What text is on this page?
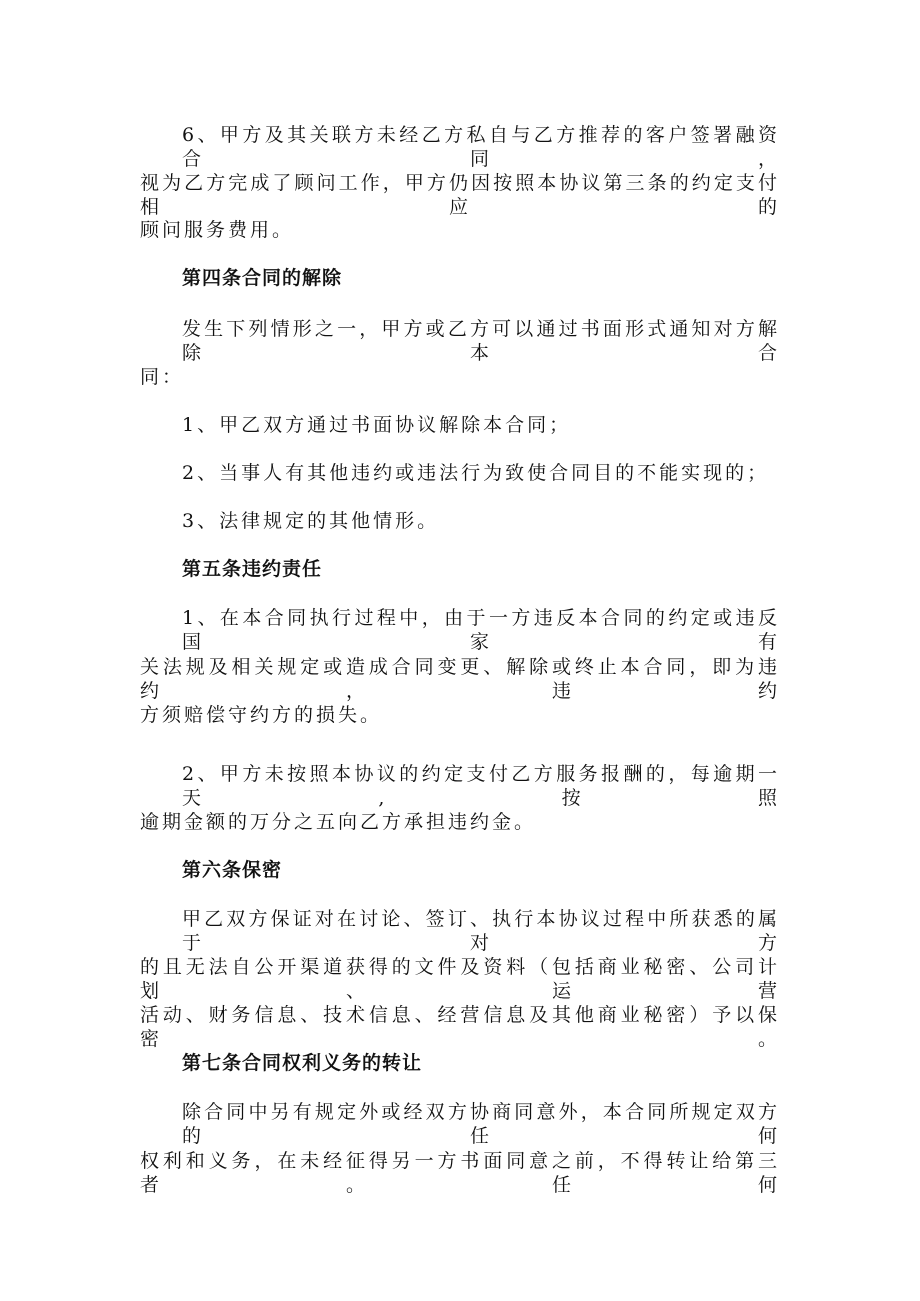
6、甲方及其关联方未经乙方私自与乙方推荐的客户签署融资合同，
视为乙方完成了顾问工作，甲方仍因按照本协议第三条的约定支付相应的
顾问服务费用。
第四条合同的解除
发生下列情形之一，甲方或乙方可以通过书面形式通知对方解除本合
同：
1、甲乙双方通过书面协议解除本合同；
2、当事人有其他违约或违法行为致使合同目的不能实现的；
3、法律规定的其他情形。
第五条违约责任
1、在本合同执行过程中，由于一方违反本合同的约定或违反国家有
关法规及相关规定或造成合同变更、解除或终止本合同，即为违约，违约
方须赔偿守约方的损失。
2、甲方未按照本协议的约定支付乙方服务报酬的，每逾期一天,按照
逾期金额的万分之五向乙方承担违约金。
第六条保密
甲乙双方保证对在讨论、签订、执行本协议过程中所获悉的属于对方
的且无法自公开渠道获得的文件及资料（包括商业秘密、公司计划、运营
活动、财务信息、技术信息、经营信息及其他商业秘密）予以保密。
第七条合同权利义务的转让
除合同中另有规定外或经双方协商同意外，本合同所规定双方的任何
权利和义务，在未经征得另一方书面同意之前，不得转让给第三者。任何
